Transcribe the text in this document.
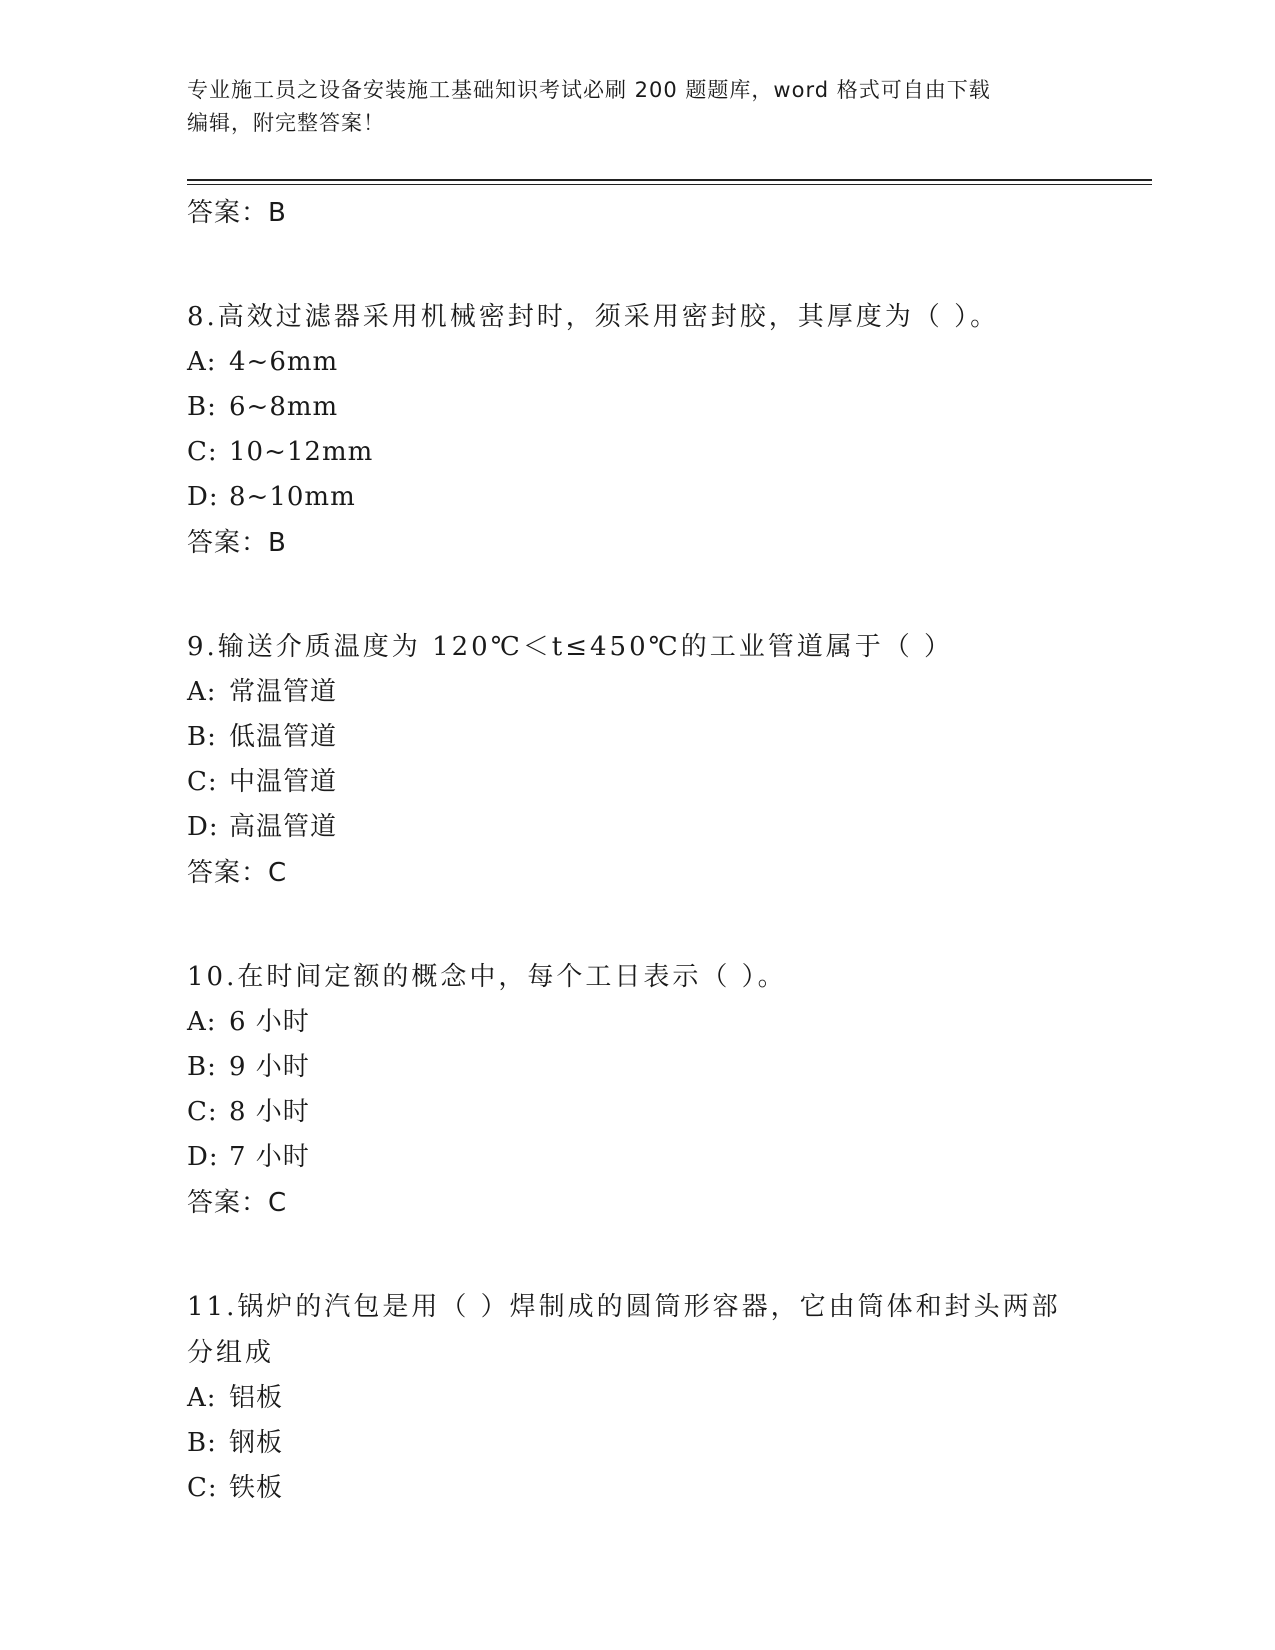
专业施工员之设备安装施工基础知识考试必刷 200 题题库，word 格式可自由下载
编辑，附完整答案！
答案：B
8.高效过滤器采用机械密封时，须采用密封胶，其厚度为（ ）。
A: 4~6mm
B: 6~8mm
C: 10~12mm
D: 8~10mm
答案：B
9.输送介质温度为 120℃＜t≤450℃的工业管道属于（ ）
A: 常温管道
B: 低温管道
C: 中温管道
D: 高温管道
答案：C
10.在时间定额的概念中，每个工日表示（ ）。
A: 6 小时
B: 9 小时
C: 8 小时
D: 7 小时
答案：C
11.锅炉的汽包是用（ ）焊制成的圆筒形容器，它由筒体和封头两部
分组成
A: 铝板
B: 钢板
C: 铁板
